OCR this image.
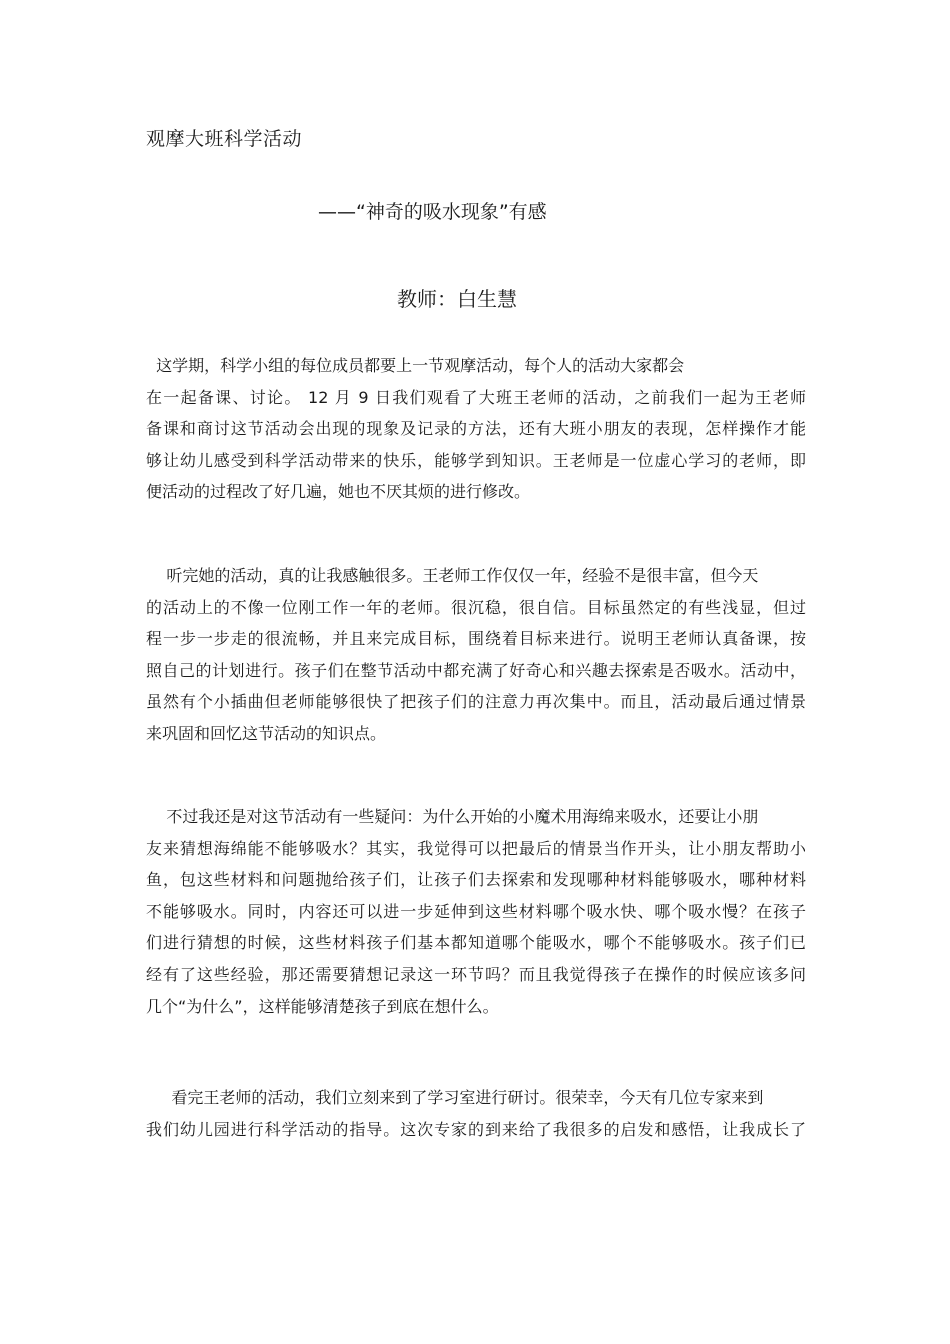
观摩大班科学活动
——“神奇的吸水现象”有感
教师：白生慧
这学期，科学小组的每位成员都要上一节观摩活动，每个人的活动大家都会
在一起备课、讨论。 12 月 9 日我们观看了大班王老师的活动，之前我们一起为王老师
备课和商讨这节活动会出现的现象及记录的方法，还有大班小朋友的表现，怎样操作才能
够让幼儿感受到科学活动带来的快乐，能够学到知识。王老师是一位虚心学习的老师，即
便活动的过程改了好几遍，她也不厌其烦的进行修改。
听完她的活动，真的让我感触很多。王老师工作仅仅一年，经验不是很丰富，但今天
的活动上的不像一位刚工作一年的老师。很沉稳，很自信。目标虽然定的有些浅显，但过
程一步一步走的很流畅，并且来完成目标，围绕着目标来进行。说明王老师认真备课，按
照自己的计划进行。孩子们在整节活动中都充满了好奇心和兴趣去探索是否吸水。活动中，
虽然有个小插曲但老师能够很快了把孩子们的注意力再次集中。而且，活动最后通过情景
来巩固和回忆这节活动的知识点。
不过我还是对这节活动有一些疑问：为什么开始的小魔术用海绵来吸水，还要让小朋
友来猜想海绵能不能够吸水？其实，我觉得可以把最后的情景当作开头，让小朋友帮助小
鱼，包这些材料和问题抛给孩子们，让孩子们去探索和发现哪种材料能够吸水，哪种材料
不能够吸水。同时，内容还可以进一步延伸到这些材料哪个吸水快、哪个吸水慢？在孩子
们进行猜想的时候，这些材料孩子们基本都知道哪个能吸水，哪个不能够吸水。孩子们已
经有了这些经验，那还需要猜想记录这一环节吗？而且我觉得孩子在操作的时候应该多问
几个“为什么”，这样能够清楚孩子到底在想什么。
看完王老师的活动，我们立刻来到了学习室进行研讨。很荣幸，今天有几位专家来到
我们幼儿园进行科学活动的指导。这次专家的到来给了我很多的启发和感悟，让我成长了
